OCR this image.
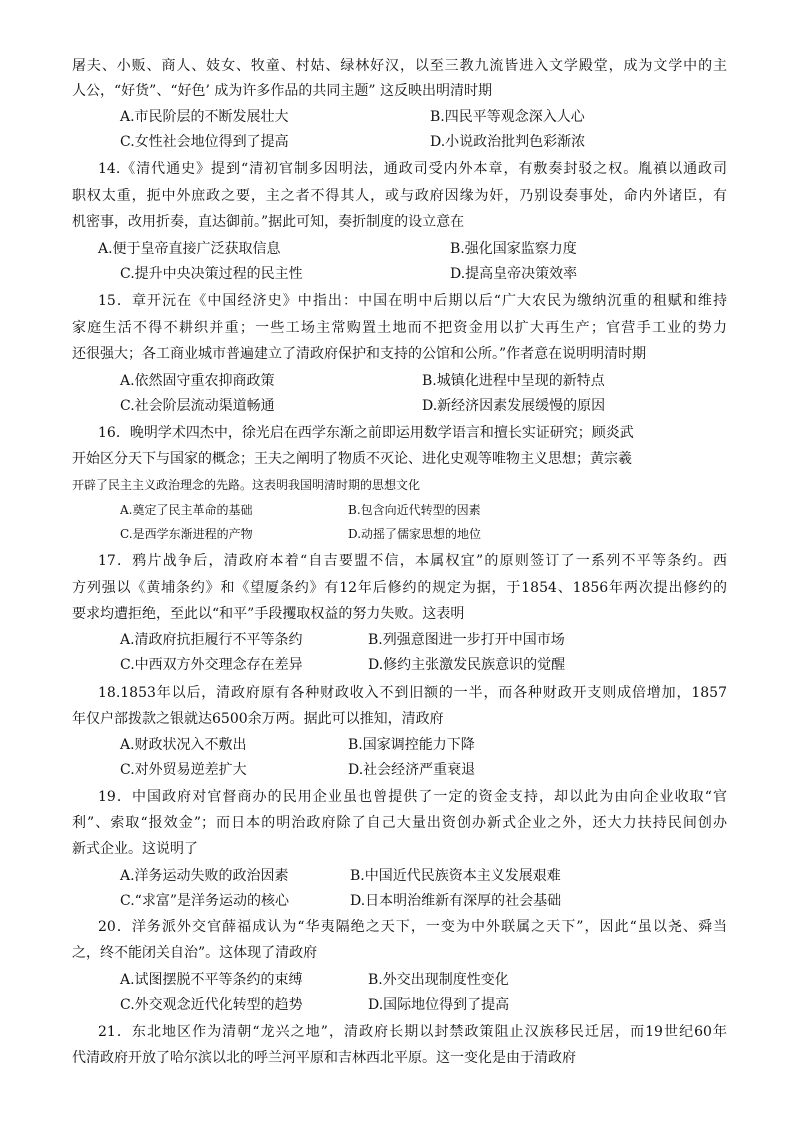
屠夫、小贩、商人、妓女、牧童、村姑、绿林好汉，以至三教九流皆进入文学殿堂，成为文学中的主
人公，“好货”、“好色’ 成为许多作品的共同主题” 这反映出明清时期
A.市民阶层的不断发展壮大	B.四民平等观念深入人心
C.女性社会地位得到了提高	D.小说政治批判色彩渐浓
14.《清代通史》提到“清初官制多因明法，通政司受内外本章，有敷奏封驳之权。胤禛以通政司
职权太重，扼中外庶政之要，主之者不得其人，或与政府因缘为奸，乃别设奏事处，命内外诸臣，有
机密事，改用折奏，直达御前。”据此可知，奏折制度的设立意在
A.便于皇帝直接广泛获取信息	B.强化国家监察力度
C.提升中央决策过程的民主性	D.提高皇帝决策效率
15．章开沅在《中国经济史》中指出：中国在明中后期以后“广大农民为缴纳沉重的租赋和维持
家庭生活不得不耕织并重；一些工场主常购置土地而不把资金用以扩大再生产；官营手工业的势力
还很强大；各工商业城市普遍建立了清政府保护和支持的公馆和公所。”作者意在说明明清时期
A.依然固守重农抑商政策	B.城镇化进程中呈现的新特点
C.社会阶层流动渠道畅通	D.新经济因素发展缓慢的原因
16．晚明学术四杰中，徐光启在西学东渐之前即运用数学语言和擅长实证研究；顾炎武
开始区分天下与国家的概念；王夫之阐明了物质不灭论、进化史观等唯物主义思想；黄宗羲
开辟了民主主义政治理念的先路。这表明我国明清时期的思想文化
A.奠定了民主革命的基础	B.包含向近代转型的因素
C.是西学东渐进程的产物	D.动摇了儒家思想的地位
17．鸦片战争后，清政府本着“自吉要盟不信，本属权宜”的原则签订了一系列不平等条约。西
方列强以《黄埔条约》和《望厦条约》有12年后修约的规定为据，于1854、1856年两次提出修约的
要求均遭拒绝，至此以“和平”手段攫取权益的努力失败。这表明
A.清政府抗拒履行不平等条约	B.列强意图进一步打开中国市场
C.中西双方外交理念存在差异	D.修约主张激发民族意识的觉醒
18.1853年以后，清政府原有各种财政收入不到旧额的一半，而各种财政开支则成倍增加，1857
年仅户部拨款之银就达6500余万两。据此可以推知，清政府
A.财政状况入不敷出	B.国家调控能力下降
C.对外贸易逆差扩大	D.社会经济严重衰退
19．中国政府对官督商办的民用企业虽也曾提供了一定的资金支持，却以此为由向企业收取“官
利”、索取“报效金”；而日本的明治政府除了自己大量出资创办新式企业之外，还大力扶持民间创办
新式企业。这说明了
A.洋务运动失败的政治因素	B.中国近代民族资本主义发展艰难
C.“求富”是洋务运动的核心	D.日本明治维新有深厚的社会基础
20．洋务派外交官薛福成认为“华夷隔绝之天下，一变为中外联属之天下”，因此“虽以尧、舜当
之，终不能闭关自治”。这体现了清政府
A.试图摆脱不平等条约的束缚	B.外交出现制度性变化
C.外交观念近代化转型的趋势	D.国际地位得到了提高
21．东北地区作为清朝“龙兴之地”，清政府长期以封禁政策阻止汉族移民迁居，而19世纪60年
代清政府开放了哈尔滨以北的呼兰河平原和吉林西北平原。这一变化是由于清政府
